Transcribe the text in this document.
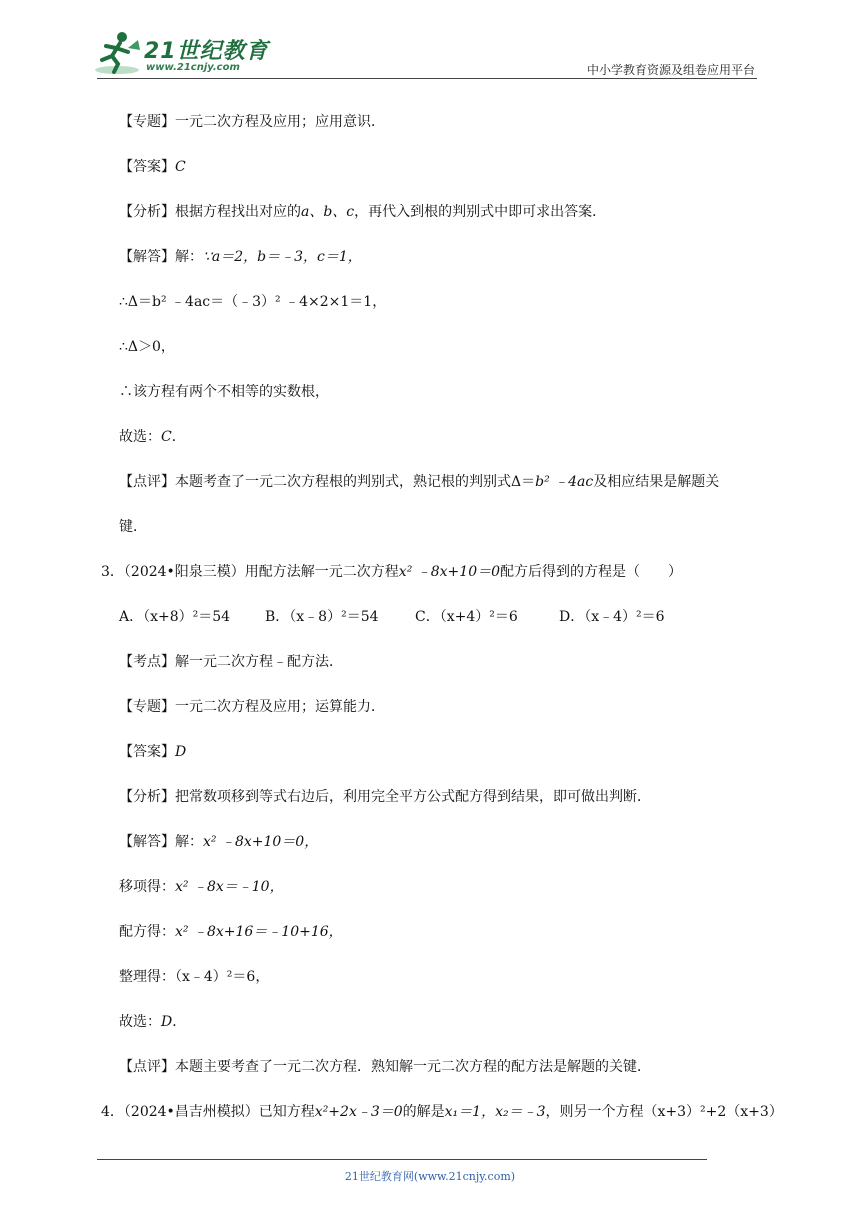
21世纪教育
www.21cnjy.com	中小学教育资源及组卷应用平台
【专题】一元二次方程及应用；应用意识．
【答案】C
【分析】根据方程找出对应的a、b、c，再代入到根的判别式中即可求出答案．
【解答】解：∵a＝2，b＝﹣3，c＝1，
∴Δ＝b² ﹣4ac＝（﹣3）² ﹣4×2×1＝1，
∴Δ＞0，
∴该方程有两个不相等的实数根，
故选：C．
【点评】本题考查了一元二次方程根的判别式，熟记根的判别式Δ＝b² ﹣4ac及相应结果是解题关
键．
3．（2024•阳泉三模）用配方法解一元二次方程x² ﹣8x+10＝0配方后得到的方程是（　　）
A．（x+8）²＝54 B．（x﹣8）²＝54	C．（x+4）²＝6	D．（x﹣4）²＝6
【考点】解一元二次方程﹣配方法．
【专题】一元二次方程及应用；运算能力．
【答案】D
【分析】把常数项移到等式右边后，利用完全平方公式配方得到结果，即可做出判断．
【解答】解：x² ﹣8x+10＝0，
移项得：x² ﹣8x＝﹣10，
配方得：x² ﹣8x+16＝﹣10+16，
整理得：（x﹣4）²＝6，
故选：D．
【点评】本题主要考查了一元二次方程．熟知解一元二次方程的配方法是解题的关键．
4．（2024•昌吉州模拟）已知方程x²+2x﹣3＝0的解是x₁＝1，x₂＝﹣3，则另一个方程（x+3）²+2（x+3）
21世纪教育网(www.21cnjy.com)
